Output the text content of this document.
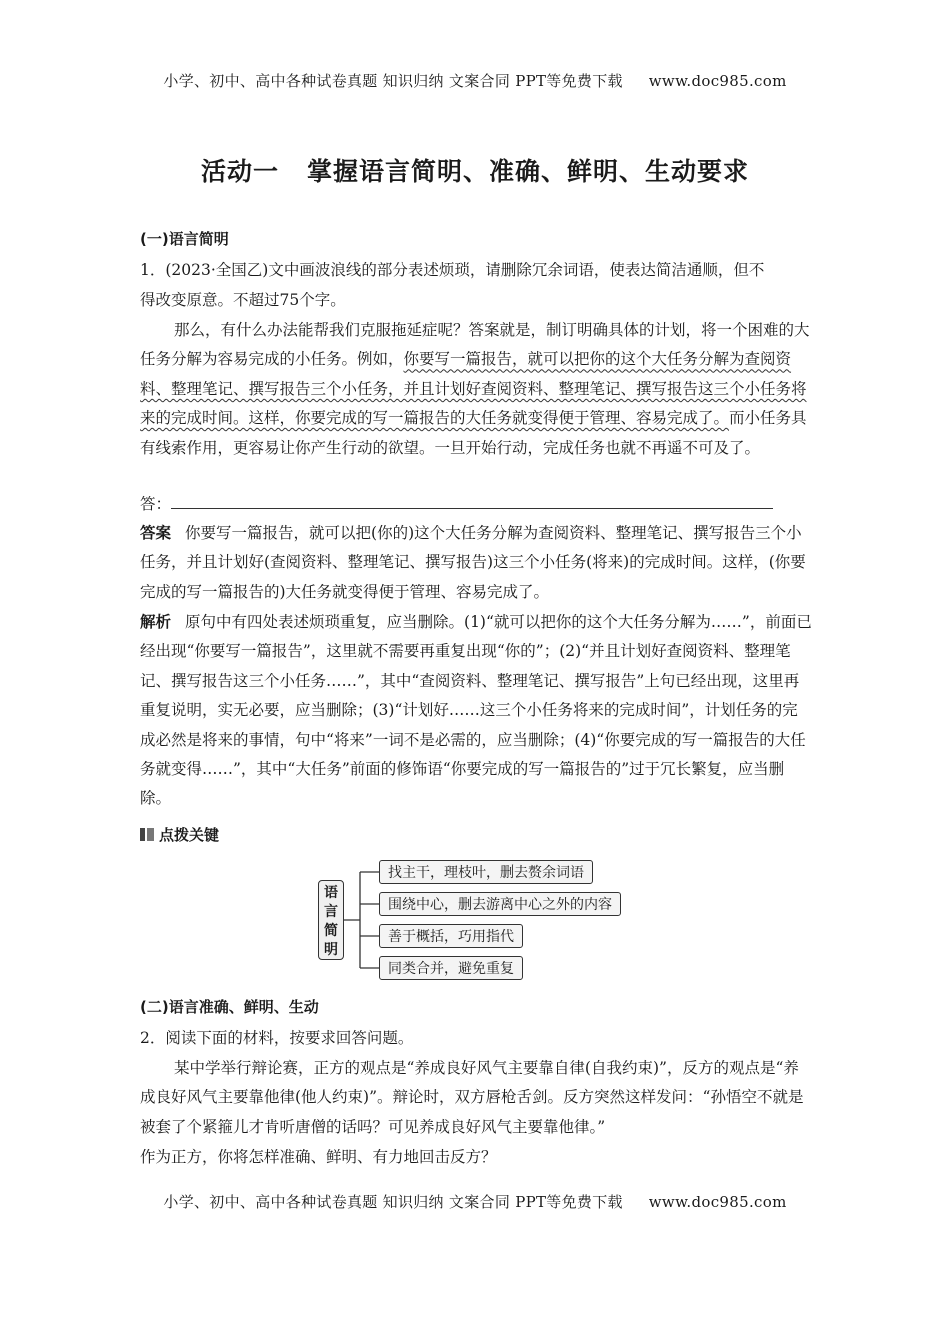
小学、初中、高中各种试卷真题 知识归纳 文案合同 PPT等免费下载 www.doc985.com
活动一 掌握语言简明、准确、鲜明、生动要求
(一)语言简明
1．(2023·全国乙)文中画波浪线的部分表述烦琐，请删除冗余词语，使表达简洁通顺，但不
得改变原意。不超过75个字。
那么，有什么办法能帮我们克服拖延症呢？答案就是，制订明确具体的计划，将一个困难的大任务分解为容易完成的小任务。例如，你要写一篇报告，就可以把你的这个大任务分解为查阅资料、整理笔记、撰写报告三个小任务，并且计划好查阅资料、整理笔记、撰写报告这三个小任务将来的完成时间。这样，你要完成的写一篇报告的大任务就变得便于管理、容易完成了。而小任务具有线索作用，更容易让你产生行动的欲望。一旦开始行动，完成任务也就不再遥不可及了。
答：
答案 你要写一篇报告，就可以把(你的)这个大任务分解为查阅资料、整理笔记、撰写报告三个小任务，并且计划好(查阅资料、整理笔记、撰写报告)这三个小任务(将来)的完成时间。这样，(你要完成的写一篇报告的)大任务就变得便于管理、容易完成了。
解析 原句中有四处表述烦琐重复，应当删除。(1)“就可以把你的这个大任务分解为……”，前面已经出现“你要写一篇报告”，这里就不需要再重复出现“你的”；(2)“并且计划好查阅资料、整理笔记、撰写报告这三个小任务……”，其中“查阅资料、整理笔记、撰写报告”上句已经出现，这里再重复说明，实无必要，应当删除；(3)“计划好……这三个小任务将来的完成时间”，计划任务的完成必然是将来的事情，句中“将来”一词不是必需的，应当删除；(4)“你要完成的写一篇报告的大任务就变得……”，其中“大任务”前面的修饰语“你要完成的写一篇报告的”过于冗长繁复，应当删除。
点拨关键
语
言
简
明
找主干，理枝叶，删去赘余词语
围绕中心，删去游离中心之外的内容
善于概括，巧用指代
同类合并，避免重复
(二)语言准确、鲜明、生动
2．阅读下面的材料，按要求回答问题。
某中学举行辩论赛，正方的观点是“养成良好风气主要靠自律(自我约束)”，反方的观点是“养成良好风气主要靠他律(他人约束)”。辩论时，双方唇枪舌剑。反方突然这样发问：“孙悟空不就是被套了个紧箍儿才肯听唐僧的话吗？可见养成良好风气主要靠他律。”
作为正方，你将怎样准确、鲜明、有力地回击反方？
小学、初中、高中各种试卷真题 知识归纳 文案合同 PPT等免费下载 www.doc985.com
